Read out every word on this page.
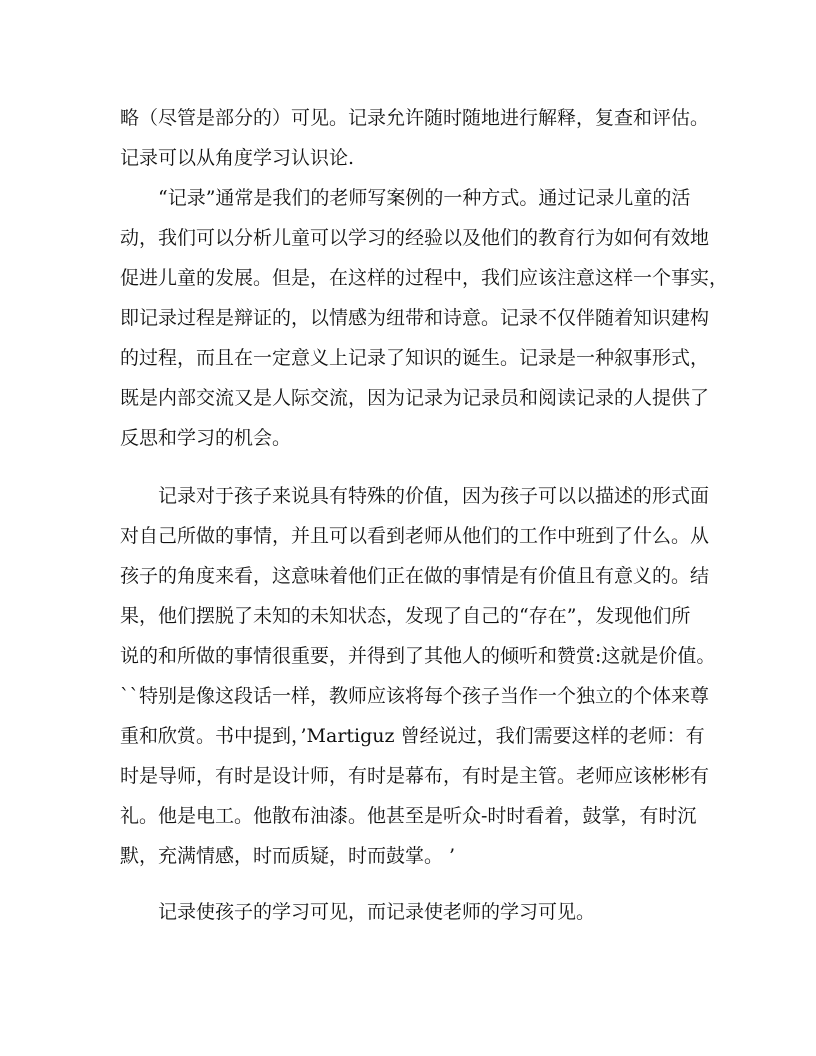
略（尽管是部分的）可见。记录允许随时随地进行解释，复查和评估。

记录可以从角度学习认识论.

“记录”通常是我们的老师写案例的一种方式。通过记录儿童的活

动，我们可以分析儿童可以学习的经验以及他们的教育行为如何有效地

促进儿童的发展。但是，在这样的过程中，我们应该注意这样一个事实，

即记录过程是辩证的，以情感为纽带和诗意。记录不仅伴随着知识建构

的过程，而且在一定意义上记录了知识的诞生。记录是一种叙事形式，

既是内部交流又是人际交流，因为记录为记录员和阅读记录的人提供了

反思和学习的机会。

记录对于孩子来说具有特殊的价值，因为孩子可以以描述的形式面

对自己所做的事情，并且可以看到老师从他们的工作中班到了什么。从

孩子的角度来看，这意味着他们正在做的事情是有价值且有意义的。结

果，他们摆脱了未知的未知状态，发现了自己的“存在”，发现他们所

说的和所做的事情很重要，并得到了其他人的倾听和赞赏:这就是价值。

``特别是像这段话一样，教师应该将每个孩子当作一个独立的个体来尊

重和欣赏。书中提到，’Martiguz 曾经说过，我们需要这样的老师：有

时是导师，有时是设计师，有时是幕布，有时是主管。老师应该彬彬有

礼。他是电工。他散布油漆。他甚至是听众-时时看着，鼓掌，有时沉

默，充满情感，时而质疑，时而鼓掌。 ’

记录使孩子的学习可见，而记录使老师的学习可见。
